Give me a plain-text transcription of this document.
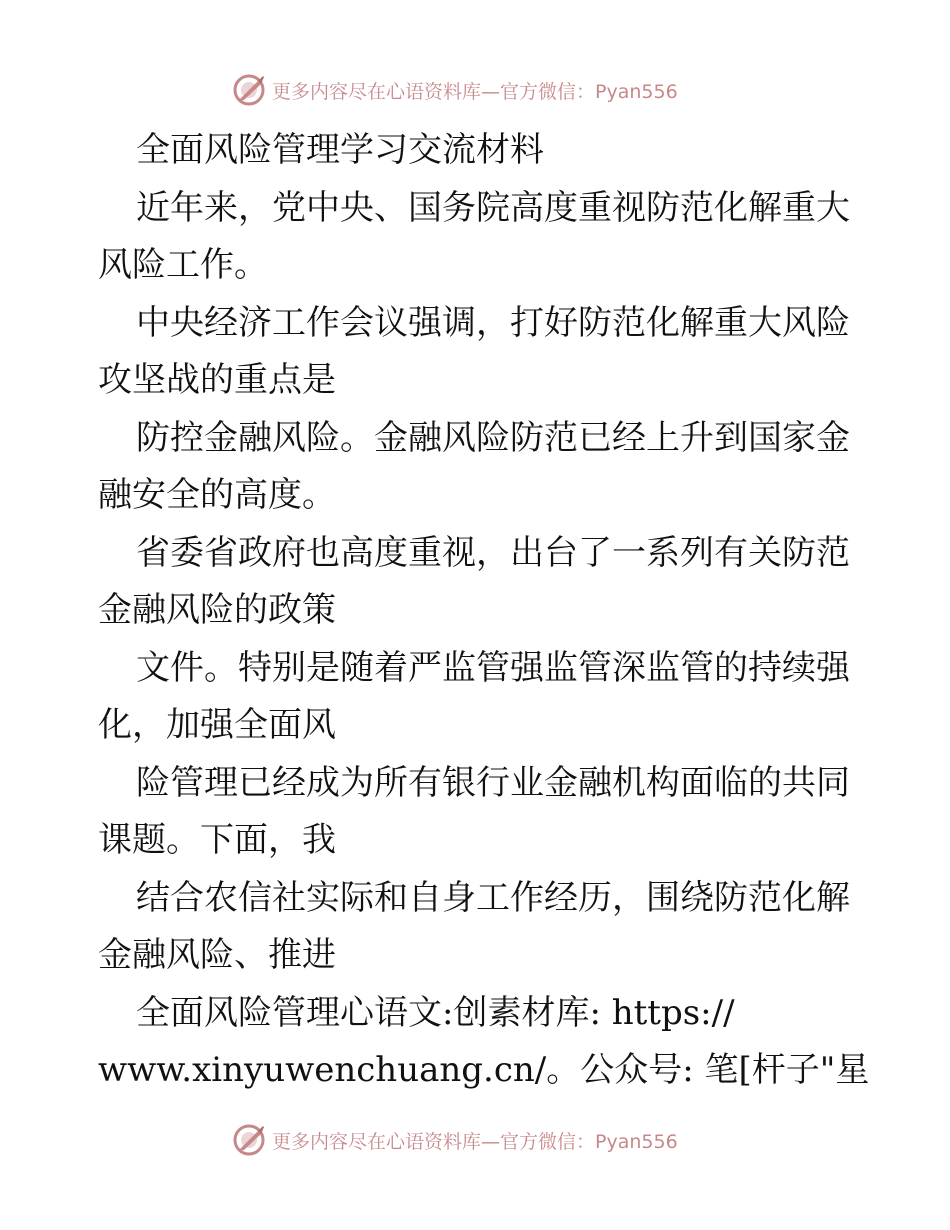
更多内容尽在心语资料库—官方微信：Pyan556
全面风险管理学习交流材料
近年来，党中央、国务院高度重视防范化解重大
风险工作。
中央经济工作会议强调，打好防范化解重大风险
攻坚战的重点是
防控金融风险。金融风险防范已经上升到国家金
融安全的高度。
省委省政府也高度重视，出台了一系列有关防范
金融风险的政策
文件。特别是随着严监管强监管深监管的持续强
化，加强全面风
险管理已经成为所有银行业金融机构面临的共同
课题。下面，我
结合农信社实际和自身工作经历，围绕防范化解
金融风险、推进
全面风险管理心语文:创素材库: https://
www.xinyuwenchuang.cn/。公众号: 笔[杆子"星
更多内容尽在心语资料库—官方微信：Pyan556
